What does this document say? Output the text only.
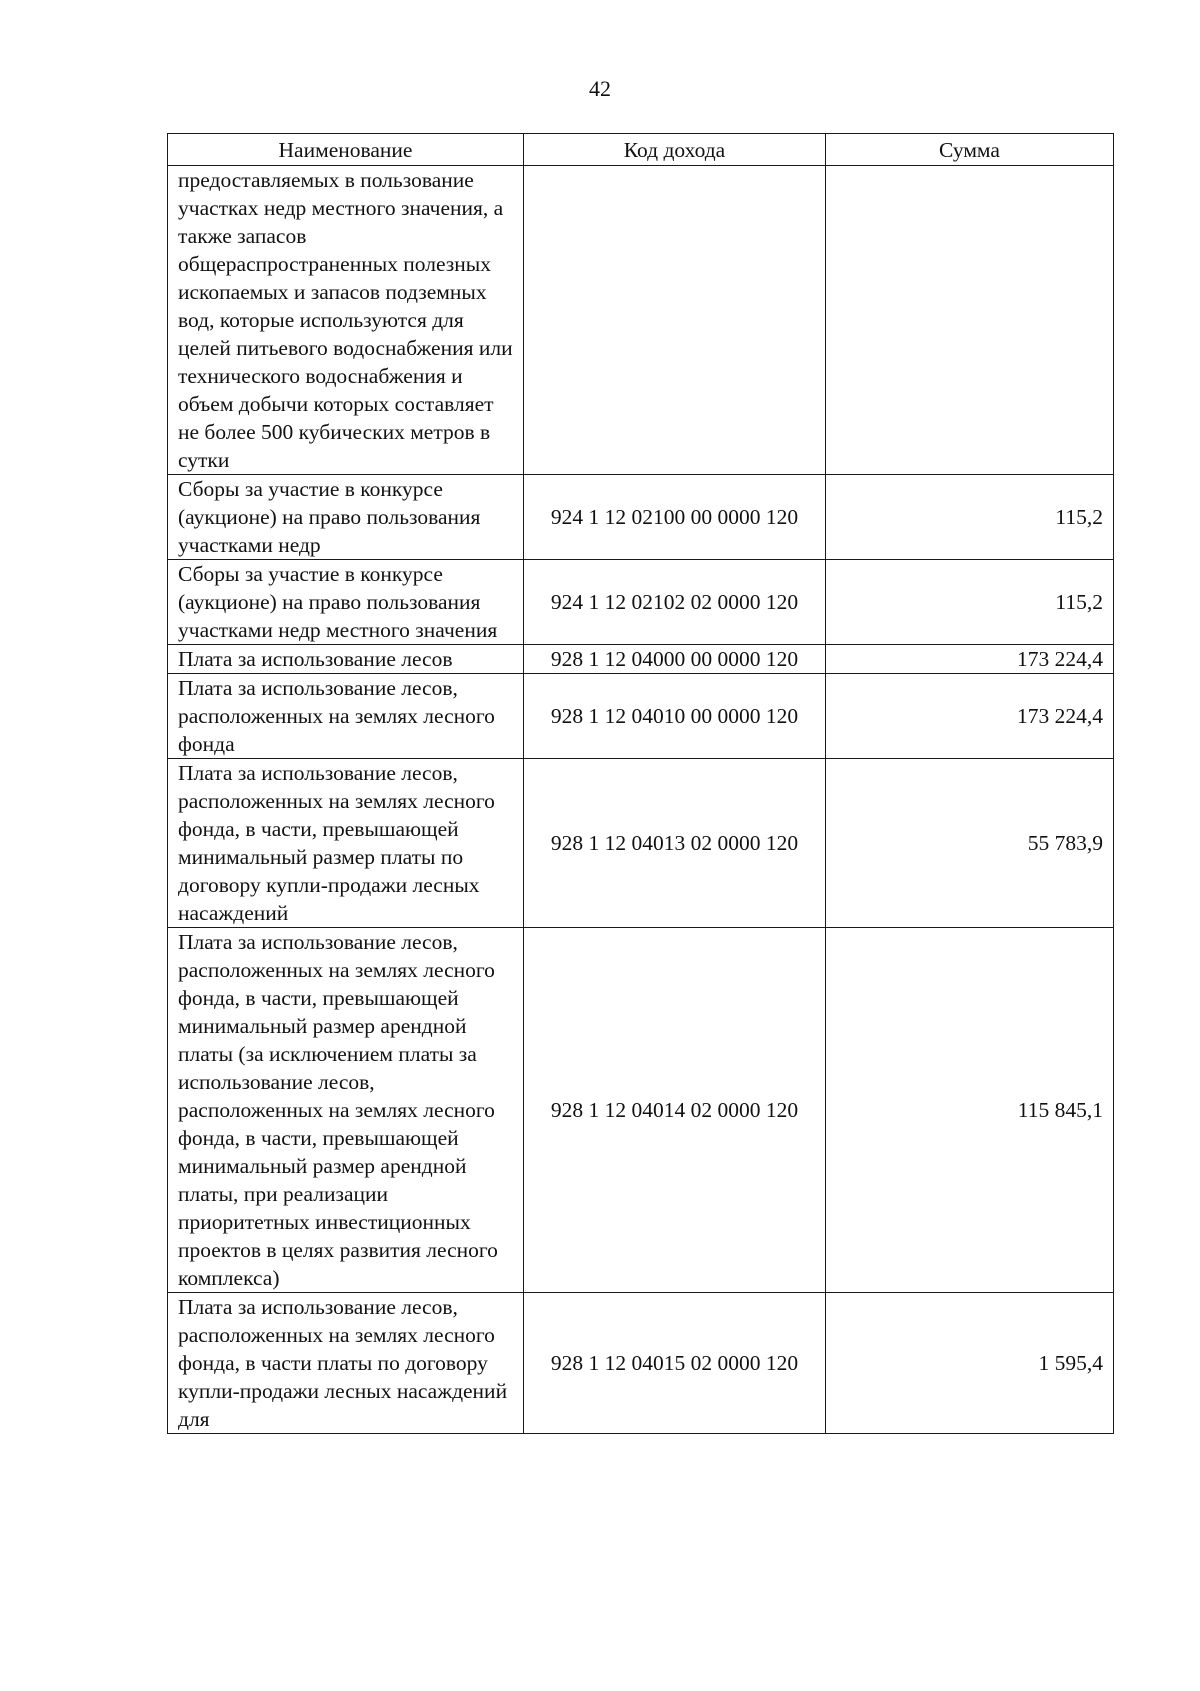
42
Наименование	Код дохода	Сумма
предоставляемых в пользование участках недр местного значения, а также запасов общераспространенных полезных ископаемых и запасов подземных вод, которые используются для целей питьевого водоснабжения или технического водоснабжения и объем добычи которых составляет не более 500 кубических метров в сутки		
Сборы за участие в конкурсе (аукционе) на право пользования участками недр	924 1 12 02100 00 0000 120	115,2
Сборы за участие в конкурсе (аукционе) на право пользования участками недр местного значения	924 1 12 02102 02 0000 120	115,2
Плата за использование лесов	928 1 12 04000 00 0000 120	173 224,4
Плата за использование лесов, расположенных на землях лесного фонда	928 1 12 04010 00 0000 120	173 224,4
Плата за использование лесов, расположенных на землях лесного фонда, в части, превышающей минимальный размер платы по договору купли-продажи лесных насаждений	928 1 12 04013 02 0000 120	55 783,9
Плата за использование лесов, расположенных на землях лесного фонда, в части, превышающей минимальный размер арендной платы (за исключением платы за использование лесов, расположенных на землях лесного фонда, в части, превышающей минимальный размер арендной платы, при реализации приоритетных инвестиционных проектов в целях развития лесного комплекса)	928 1 12 04014 02 0000 120	115 845,1
Плата за использование лесов, расположенных на землях лесного фонда, в части платы по договору купли-продажи лесных насаждений для	928 1 12 04015 02 0000 120	1 595,4
